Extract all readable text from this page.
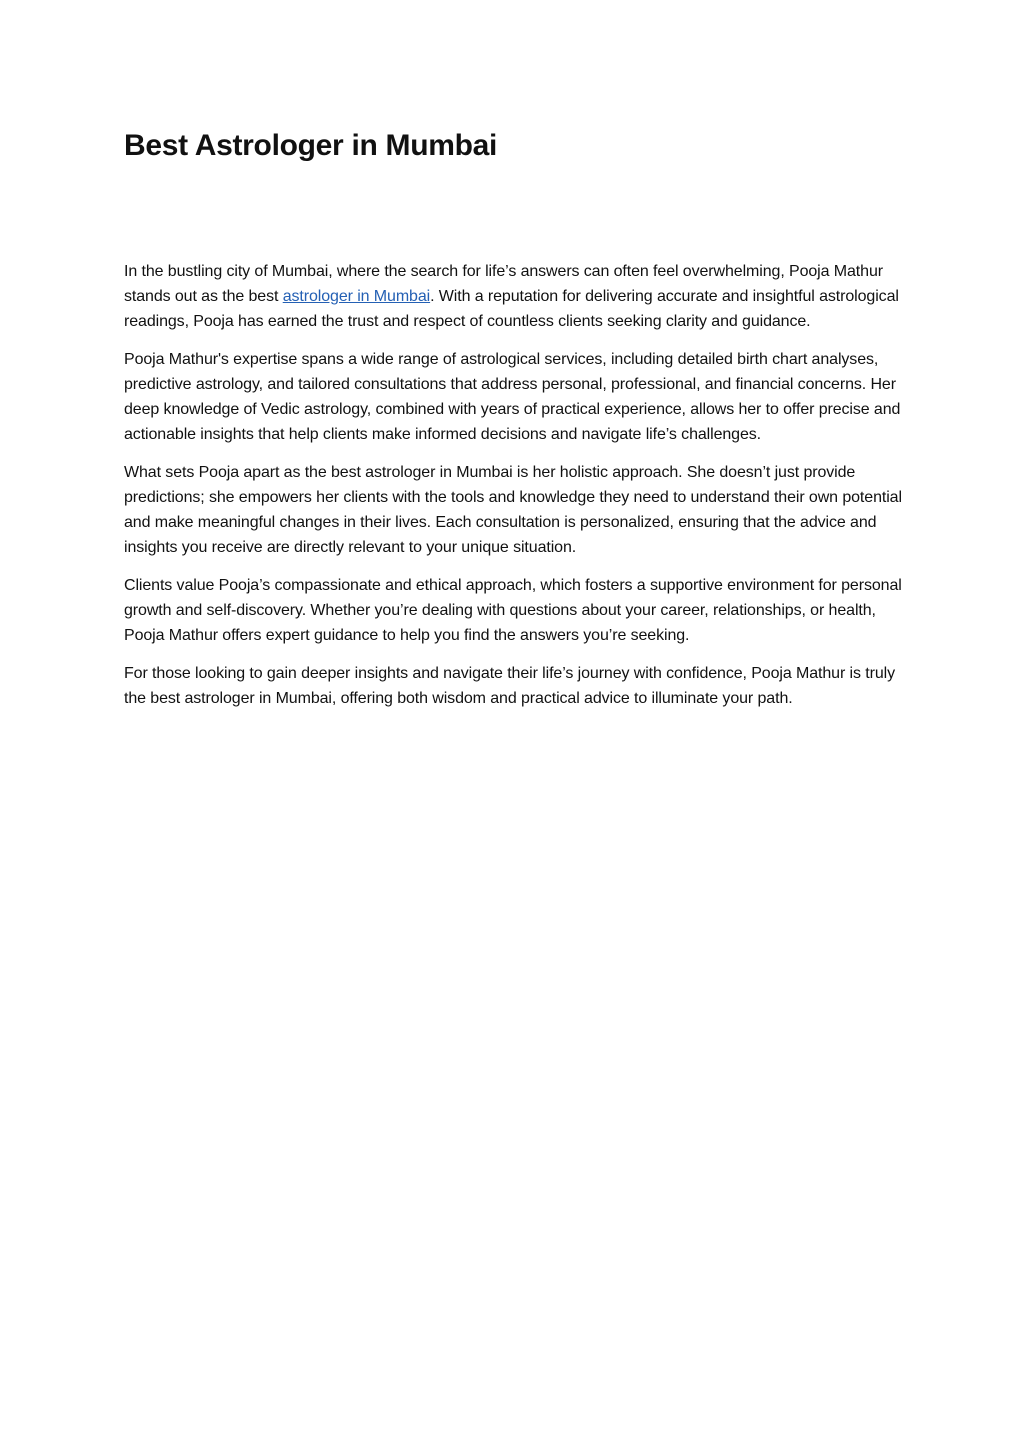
Best Astrologer in Mumbai

In the bustling city of Mumbai, where the search for life’s answers can often feel overwhelming, Pooja Mathur stands out as the best astrologer in Mumbai. With a reputation for delivering accurate and insightful astrological readings, Pooja has earned the trust and respect of countless clients seeking clarity and guidance.

Pooja Mathur's expertise spans a wide range of astrological services, including detailed birth chart analyses, predictive astrology, and tailored consultations that address personal, professional, and financial concerns. Her deep knowledge of Vedic astrology, combined with years of practical experience, allows her to offer precise and actionable insights that help clients make informed decisions and navigate life’s challenges.

What sets Pooja apart as the best astrologer in Mumbai is her holistic approach. She doesn’t just provide predictions; she empowers her clients with the tools and knowledge they need to understand their own potential and make meaningful changes in their lives. Each consultation is personalized, ensuring that the advice and insights you receive are directly relevant to your unique situation.

Clients value Pooja’s compassionate and ethical approach, which fosters a supportive environment for personal growth and self-discovery. Whether you’re dealing with questions about your career, relationships, or health, Pooja Mathur offers expert guidance to help you find the answers you’re seeking.

For those looking to gain deeper insights and navigate their life’s journey with confidence, Pooja Mathur is truly the best astrologer in Mumbai, offering both wisdom and practical advice to illuminate your path.
